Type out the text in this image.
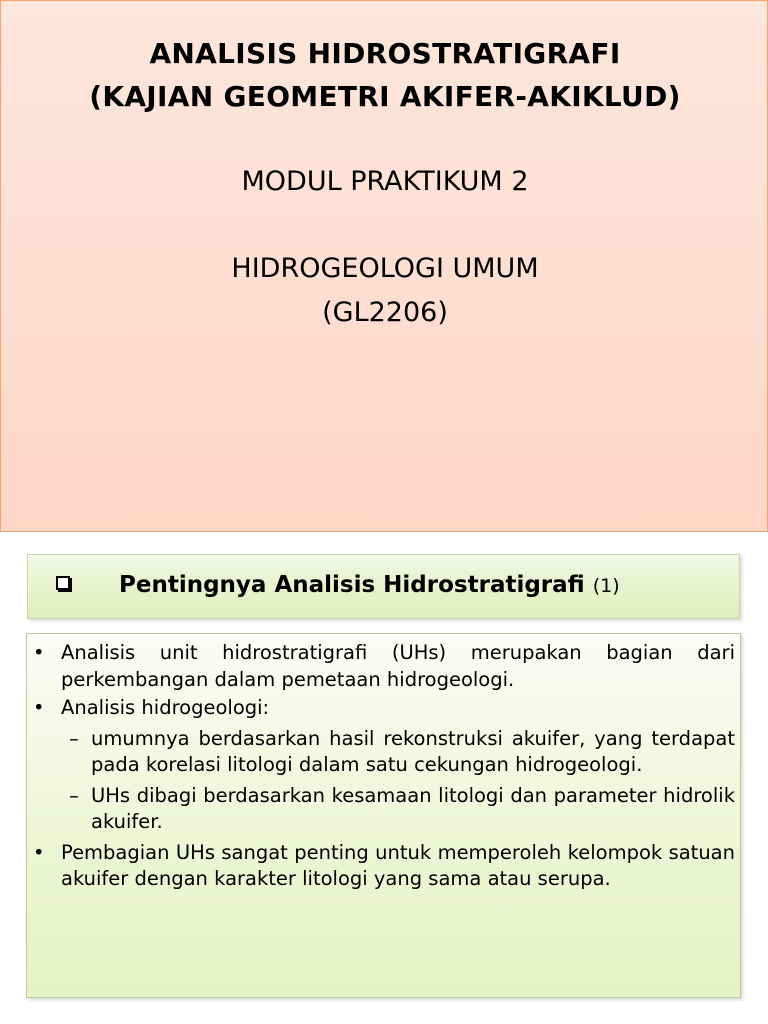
ANALISIS HIDROSTRATIGRAFI
(KAJIAN GEOMETRI AKIFER-AKIKLUD)
MODUL PRAKTIKUM 2
HIDROGEOLOGI UMUM
(GL2206)
Pentingnya Analisis Hidrostratigrafi (1)
• Analisis unit hidrostratigrafi (UHs) merupakan bagian dari perkembangan dalam pemetaan hidrogeologi.
• Analisis hidrogeologi:
– umumnya berdasarkan hasil rekonstruksi akuifer, yang terdapat pada korelasi litologi dalam satu cekungan hidrogeologi.
– UHs dibagi berdasarkan kesamaan litologi dan parameter hidrolik akuifer.
• Pembagian UHs sangat penting untuk memperoleh kelompok satuan akuifer dengan karakter litologi yang sama atau serupa.
